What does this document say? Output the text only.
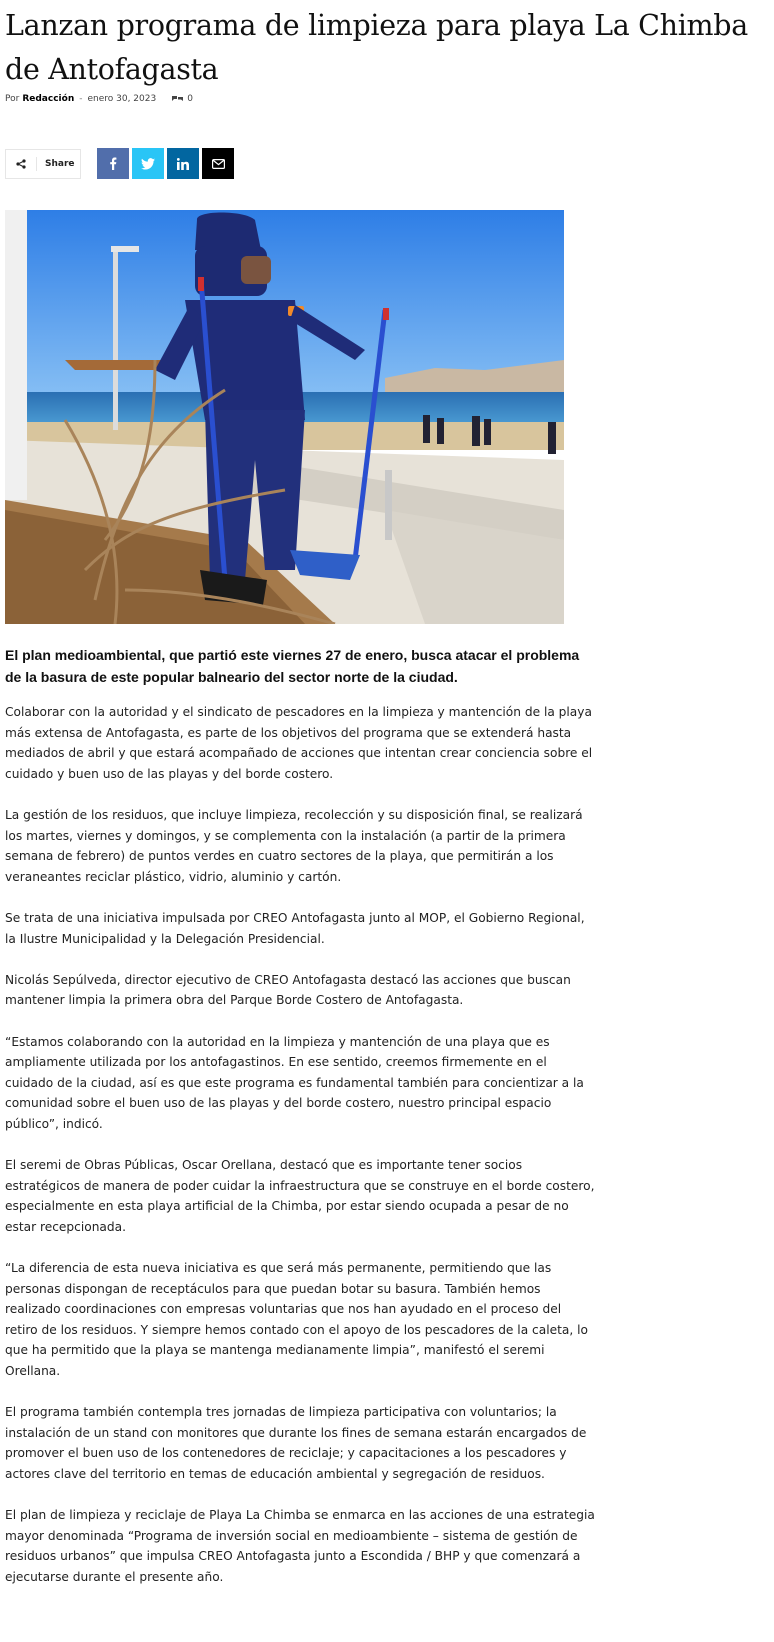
Lanzan programa de limpieza para playa La Chimba
de Antofagasta
Por Redacción - enero 30, 2023	0
Share

El plan medioambiental, que partió este viernes 27 de enero, busca atacar el problema de la basura de este popular balneario del sector norte de la ciudad.

Colaborar con la autoridad y el sindicato de pescadores en la limpieza y mantención de la playa más extensa de Antofagasta, es parte de los objetivos del programa que se extenderá hasta mediados de abril y que estará acompañado de acciones que intentan crear conciencia sobre el cuidado y buen uso de las playas y del borde costero.

La gestión de los residuos, que incluye limpieza, recolección y su disposición final, se realizará los martes, viernes y domingos, y se complementa con la instalación (a partir de la primera semana de febrero) de puntos verdes en cuatro sectores de la playa, que permitirán a los veraneantes reciclar plástico, vidrio, aluminio y cartón.

Se trata de una iniciativa impulsada por CREO Antofagasta junto al MOP, el Gobierno Regional, la Ilustre Municipalidad y la Delegación Presidencial.

Nicolás Sepúlveda, director ejecutivo de CREO Antofagasta destacó las acciones que buscan mantener limpia la primera obra del Parque Borde Costero de Antofagasta.

“Estamos colaborando con la autoridad en la limpieza y mantención de una playa que es ampliamente utilizada por los antofagastinos. En ese sentido, creemos firmemente en el cuidado de la ciudad, así es que este programa es fundamental también para concientizar a la comunidad sobre el buen uso de las playas y del borde costero, nuestro principal espacio público”, indicó.

El seremi de Obras Públicas, Oscar Orellana, destacó que es importante tener socios estratégicos de manera de poder cuidar la infraestructura que se construye en el borde costero, especialmente en esta playa artificial de la Chimba, por estar siendo ocupada a pesar de no estar recepcionada.

“La diferencia de esta nueva iniciativa es que será más permanente, permitiendo que las personas dispongan de receptáculos para que puedan botar su basura. También hemos realizado coordinaciones con empresas voluntarias que nos han ayudado en el proceso del retiro de los residuos. Y siempre hemos contado con el apoyo de los pescadores de la caleta, lo que ha permitido que la playa se mantenga medianamente limpia”, manifestó el seremi Orellana.

El programa también contempla tres jornadas de limpieza participativa con voluntarios; la instalación de un stand con monitores que durante los fines de semana estarán encargados de promover el buen uso de los contenedores de reciclaje; y capacitaciones a los pescadores y actores clave del territorio en temas de educación ambiental y segregación de residuos.

El plan de limpieza y reciclaje de Playa La Chimba se enmarca en las acciones de una estrategia mayor denominada “Programa de inversión social en medioambiente – sistema de gestión de residuos urbanos” que impulsa CREO Antofagasta junto a Escondida / BHP y que comenzará a ejecutarse durante el presente año.
